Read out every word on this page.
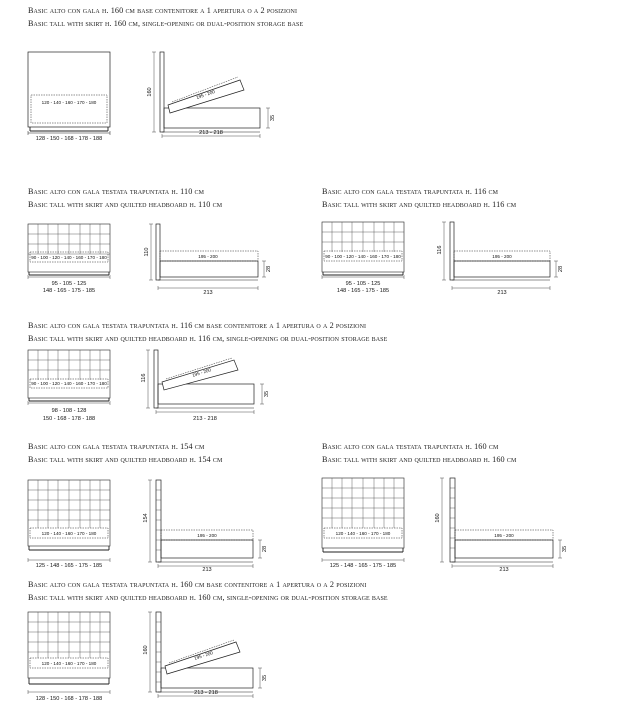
Basic alto con gala h. 160 cm base contenitore a 1 apertura o a 2 posizioni
Basic tall with skirt h. 160 cm, single-opening or dual-position storage base
120 - 140 - 160 - 170 - 180
128 - 150 - 168 - 178 - 188
160	195 - 200
35
213 - 218
Basic alto con gala testata trapuntata h. 110 cm
Basic tall with skirt and quilted headboard h. 110 cm
90 - 100 - 120 - 140 - 160 - 170 - 180
95 - 105 - 125
148 - 165 - 175 - 185
110
195 - 200
28
213
Basic alto con gala testata trapuntata h. 116 cm
Basic tall with skirt and quilted headboard h. 116 cm
90 - 100 - 120 - 140 - 160 - 170 - 180
95 - 105 - 125
148 - 165 - 175 - 185
116
195 - 200
28
213
Basic alto con gala testata trapuntata h. 116 cm base contenitore a 1 apertura o a 2 posizioni
Basic tall with skirt and quilted headboard h. 116 cm, single-opening or dual-position storage base
90 - 100 - 120 - 140 - 160 - 170 - 180
98 - 108 - 128
150 - 168 - 178 - 188
116
195 - 200
35
213 - 218
Basic alto con gala testata trapuntata h. 154 cm
Basic tall with skirt and quilted headboard h. 154 cm
120 - 140 - 160 - 170 - 180
125 - 148 - 165 - 175 - 185
154
195 - 200
28
213
Basic alto con gala testata trapuntata h. 160 cm
Basic tall with skirt and quilted headboard h. 160 cm
120 - 140 - 160 - 170 - 180
125 - 148 - 165 - 175 - 185
160
195 - 200
35
213
Basic alto con gala testata trapuntata h. 160 cm base contenitore a 1 apertura o a 2 posizioni
Basic tall with skirt and quilted headboard h. 160 cm, single-opening or dual-position storage base
120 - 140 - 160 - 170 - 180
128 - 150 - 168 - 178 - 188
160
195 - 200
35
213 - 218
